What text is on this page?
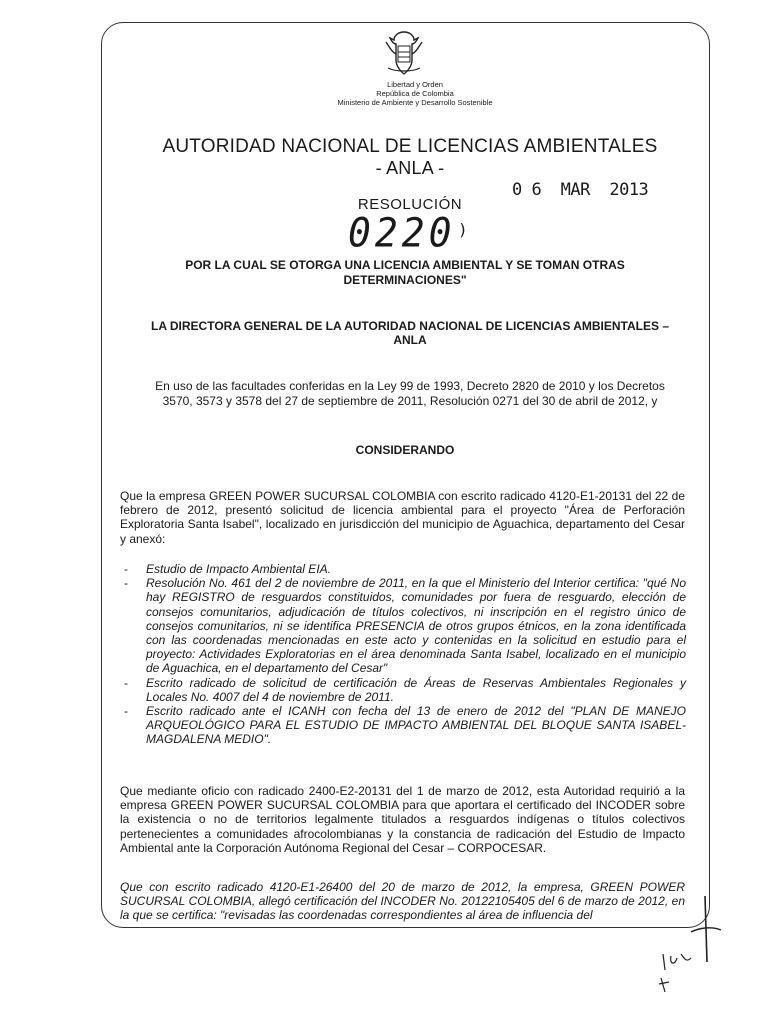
Libertad y Orden
República de Colombia
Ministerio de Ambiente y Desarrollo Sostenible
AUTORIDAD NACIONAL DE LICENCIAS AMBIENTALES
- ANLA -
0 6  MAR  2013
RESOLUCIÓN
0220 )
POR LA CUAL SE OTORGA UNA LICENCIA AMBIENTAL Y SE TOMAN OTRAS
DETERMINACIONES"
LA DIRECTORA GENERAL DE LA AUTORIDAD NACIONAL DE LICENCIAS AMBIENTALES –
ANLA
En uso de las facultades conferidas en la Ley 99 de 1993, Decreto 2820 de 2010 y los Decretos
3570, 3573 y 3578 del 27 de septiembre de 2011, Resolución 0271 del 30 de abril de 2012, y
CONSIDERANDO
Que la empresa GREEN POWER SUCURSAL COLOMBIA con escrito radicado 4120-E1-20131 del 22 de febrero de 2012, presentó solicitud de licencia ambiental para el proyecto "Área de Perforación Exploratoria Santa Isabel", localizado en jurisdicción del municipio de Aguachica, departamento del Cesar y anexó:
- Estudio de Impacto Ambiental EIA.
- Resolución No. 461 del 2 de noviembre de 2011, en la que el Ministerio del Interior certifica: "qué No hay REGISTRO de resguardos constituidos, comunidades por fuera de resguardo, elección de consejos comunitarios, adjudicación de títulos colectivos, ni inscripción en el registro único de consejos comunitarios, ni se identifica PRESENCIA de otros grupos étnicos, en la zona identificada con las coordenadas mencionadas en este acto y contenidas en la solicitud en estudio para el proyecto: Actividades Exploratorias en el área denominada Santa Isabel, localizado en el municipio de Aguachica, en el departamento del Cesar"
- Escrito radicado de solicitud de certificación de Áreas de Reservas Ambientales Regionales y Locales No. 4007 del 4 de noviembre de 2011.
- Escrito radicado ante el ICANH con fecha del 13 de enero de 2012 del "PLAN DE MANEJO ARQUEOLÓGICO PARA EL ESTUDIO DE IMPACTO AMBIENTAL DEL BLOQUE SANTA ISABEL- MAGDALENA MEDIO".
Que mediante oficio con radicado 2400-E2-20131 del 1 de marzo de 2012, esta Autoridad requirió a la empresa GREEN POWER SUCURSAL COLOMBIA para que aportara el certificado del INCODER sobre la existencia o no de territorios legalmente titulados a resguardos indígenas o títulos colectivos pertenecientes a comunidades afrocolombianas y la constancia de radicación del Estudio de Impacto Ambiental ante la Corporación Autónoma Regional del Cesar – CORPOCESAR.
Que con escrito radicado 4120-E1-26400 del 20 de marzo de 2012, la empresa, GREEN POWER SUCURSAL COLOMBIA, allegó certificación del INCODER No. 20122105405 del 6 de marzo de 2012, en la que se certifica: "revisadas las coordenadas correspondientes al área de influencia del
